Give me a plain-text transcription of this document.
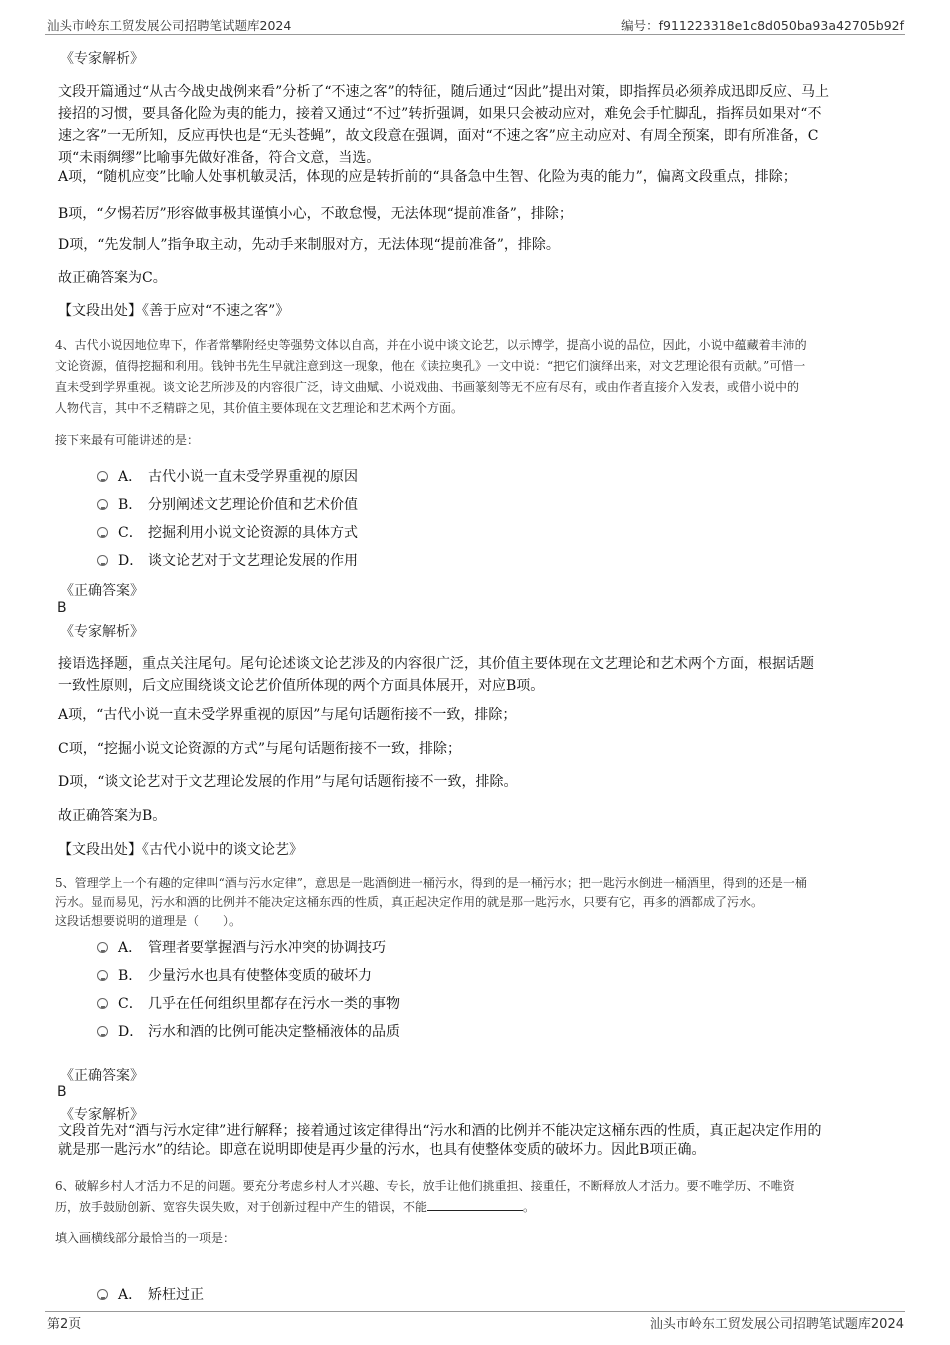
汕头市岭东工贸发展公司招聘笔试题库2024	编号：f911223318e1c8d050ba93a42705b92f
《专家解析》
文段开篇通过“从古今战史战例来看”分析了“不速之客”的特征，随后通过“因此”提出对策，即指挥员必须养成迅即反应、马上
接招的习惯，要具备化险为夷的能力，接着又通过“不过”转折强调，如果只会被动应对，难免会手忙脚乱，指挥员如果对“不
速之客”一无所知，反应再快也是“无头苍蝇”，故文段意在强调，面对“不速之客”应主动应对、有周全预案，即有所准备，C
项“未雨绸缪”比喻事先做好准备，符合文意，当选。
A项，“随机应变”比喻人处事机敏灵活，体现的应是转折前的“具备急中生智、化险为夷的能力”，偏离文段重点，排除；
B项，“夕惕若厉”形容做事极其谨慎小心，不敢怠慢，无法体现“提前准备”，排除；
D项，“先发制人”指争取主动，先动手来制服对方，无法体现“提前准备”，排除。
故正确答案为C。
【文段出处】《善于应对“不速之客”》
4、古代小说因地位卑下，作者常攀附经史等强势文体以自高，并在小说中谈文论艺，以示博学，提高小说的品位，因此，小说中蕴藏着丰沛的
文论资源，值得挖掘和利用。钱钟书先生早就注意到这一现象，他在《读拉奥孔》一文中说：“把它们演绎出来，对文艺理论很有贡献。”可惜一
直未受到学界重视。谈文论艺所涉及的内容很广泛，诗文曲赋、小说戏曲、书画篆刻等无不应有尽有，或由作者直接介入发表，或借小说中的
人物代言，其中不乏精辟之见，其价值主要体现在文艺理论和艺术两个方面。
接下来最有可能讲述的是：
A． 古代小说一直未受学界重视的原因
B． 分别阐述文艺理论价值和艺术价值
C． 挖掘利用小说文论资源的具体方式
D． 谈文论艺对于文艺理论发展的作用
《正确答案》
B
《专家解析》
接语选择题，重点关注尾句。尾句论述谈文论艺涉及的内容很广泛，其价值主要体现在文艺理论和艺术两个方面，根据话题
一致性原则，后文应围绕谈文论艺价值所体现的两个方面具体展开，对应B项。
A项，“古代小说一直未受学界重视的原因”与尾句话题衔接不一致，排除；
C项，“挖掘小说文论资源的方式”与尾句话题衔接不一致，排除；
D项，“谈文论艺对于文艺理论发展的作用”与尾句话题衔接不一致，排除。
故正确答案为B。
【文段出处】《古代小说中的谈文论艺》
5、管理学上一个有趣的定律叫“酒与污水定律”，意思是一匙酒倒进一桶污水，得到的是一桶污水；把一匙污水倒进一桶酒里，得到的还是一桶
污水。显而易见，污水和酒的比例并不能决定这桶东西的性质，真正起决定作用的就是那一匙污水，只要有它，再多的酒都成了污水。
这段话想要说明的道理是（　　）。
A． 管理者要掌握酒与污水冲突的协调技巧
B． 少量污水也具有使整体变质的破坏力
C． 几乎在任何组织里都存在污水一类的事物
D． 污水和酒的比例可能决定整桶液体的品质
《正确答案》
B
《专家解析》
文段首先对“酒与污水定律”进行解释；接着通过该定律得出“污水和酒的比例并不能决定这桶东西的性质，真正起决定作用的
就是那一匙污水”的结论。即意在说明即使是再少量的污水，也具有使整体变质的破坏力。因此B项正确。
6、破解乡村人才活力不足的问题。要充分考虑乡村人才兴趣、专长，放手让他们挑重担、接重任，不断释放人才活力。要不唯学历、不唯资
历，放手鼓励创新、宽容失误失败，对于创新过程中产生的错误，不能	。
填入画横线部分最恰当的一项是：
A． 矫枉过正
第2页	汕头市岭东工贸发展公司招聘笔试题库2024
